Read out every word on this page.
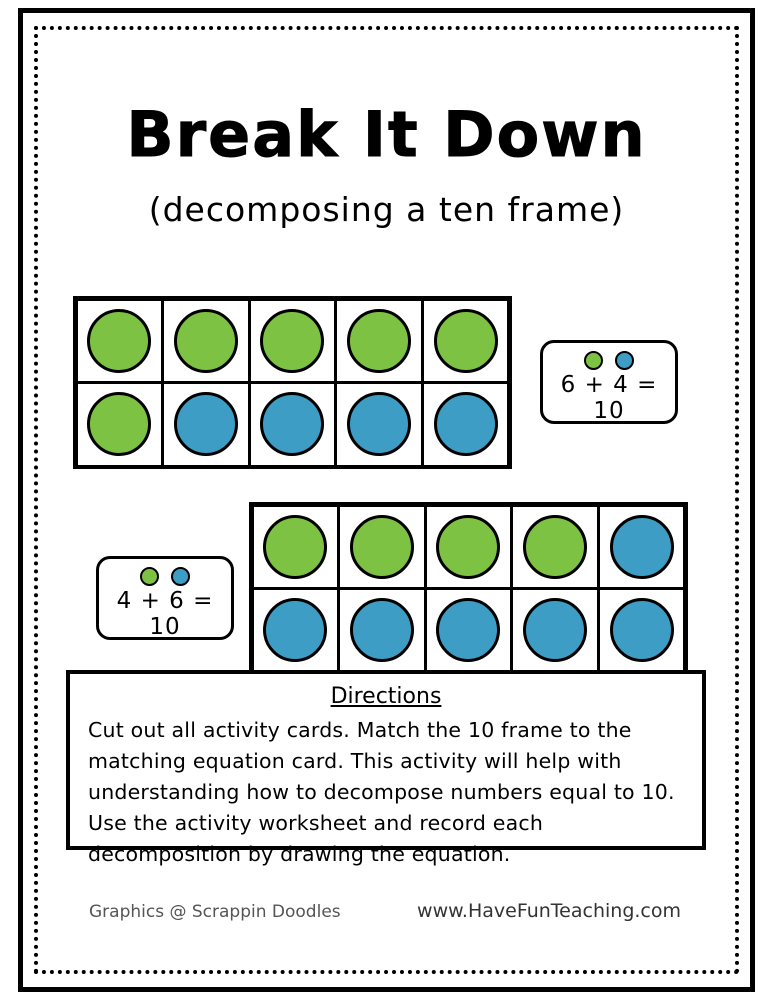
Break It Down
(decomposing a ten frame)
6 + 4 = 10
4 + 6 = 10
Directions
Cut out all activity cards. Match the 10 frame to the matching equation card. This activity will help with understanding how to decompose numbers equal to 10. Use the activity worksheet and record each decomposition by drawing the equation.
Graphics @ Scrappin Doodles	www.HaveFunTeaching.com
